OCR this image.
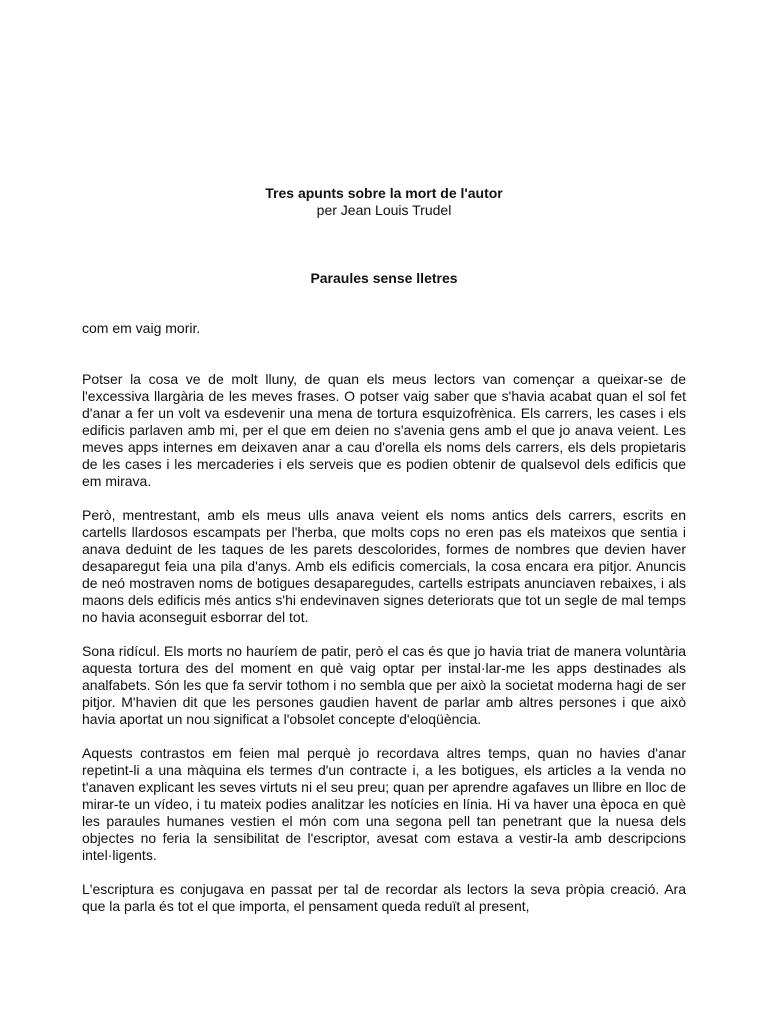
Tres apunts sobre la mort de l'autor

per Jean Louis Trudel

Paraules sense lletres

com em vaig morir.

Potser la cosa ve de molt lluny, de quan els meus lectors van començar a queixar-se de l'excessiva llargària de les meves frases. O potser vaig saber que s'havia acabat quan el sol fet d'anar a fer un volt va esdevenir una mena de tortura esquizofrènica. Els carrers, les cases i els edificis parlaven amb mi, per el que em deien no s'avenia gens amb el que jo anava veient. Les meves apps internes em deixaven anar a cau d'orella els noms dels carrers, els dels propietaris de les cases i les mercaderies i els serveis que es podien obtenir de qualsevol dels edificis que em mirava.

Però, mentrestant, amb els meus ulls anava veient els noms antics dels carrers, escrits en cartells llardosos escampats per l'herba, que molts cops no eren pas els mateixos que sentia i anava deduint de les taques de les parets descolorides, formes de nombres que devien haver desaparegut feia una pila d'anys. Amb els edificis comercials, la cosa encara era pitjor. Anuncis de neó mostraven noms de botigues desaparegudes, cartells estripats anunciaven rebaixes, i als maons dels edificis més antics s'hi endevinaven signes deteriorats que tot un segle de mal temps no havia aconseguit esborrar del tot.

Sona ridícul. Els morts no hauríem de patir, però el cas és que jo havia triat de manera voluntària aquesta tortura des del moment en què vaig optar per instal·lar-me les apps destinades als analfabets. Són les que fa servir tothom i no sembla que per això la societat moderna hagi de ser pitjor. M'havien dit que les persones gaudien havent de parlar amb altres persones i que això havia aportat un nou significat a l'obsolet concepte d'eloqüència.

Aquests contrastos em feien mal perquè jo recordava altres temps, quan no havies d'anar repetint-li a una màquina els termes d'un contracte i, a les botigues, els articles a la venda no t'anaven explicant les seves virtuts ni el seu preu; quan per aprendre agafaves un llibre en lloc de mirar-te un vídeo, i tu mateix podies analitzar les notícies en línia. Hi va haver una època en què les paraules humanes vestien el món com una segona pell tan penetrant que la nuesa dels objectes no feria la sensibilitat de l'escriptor, avesat com estava a vestir-la amb descripcions intel·ligents.

L'escriptura es conjugava en passat per tal de recordar als lectors la seva pròpia creació. Ara que la parla és tot el que importa, el pensament queda reduït al present,
